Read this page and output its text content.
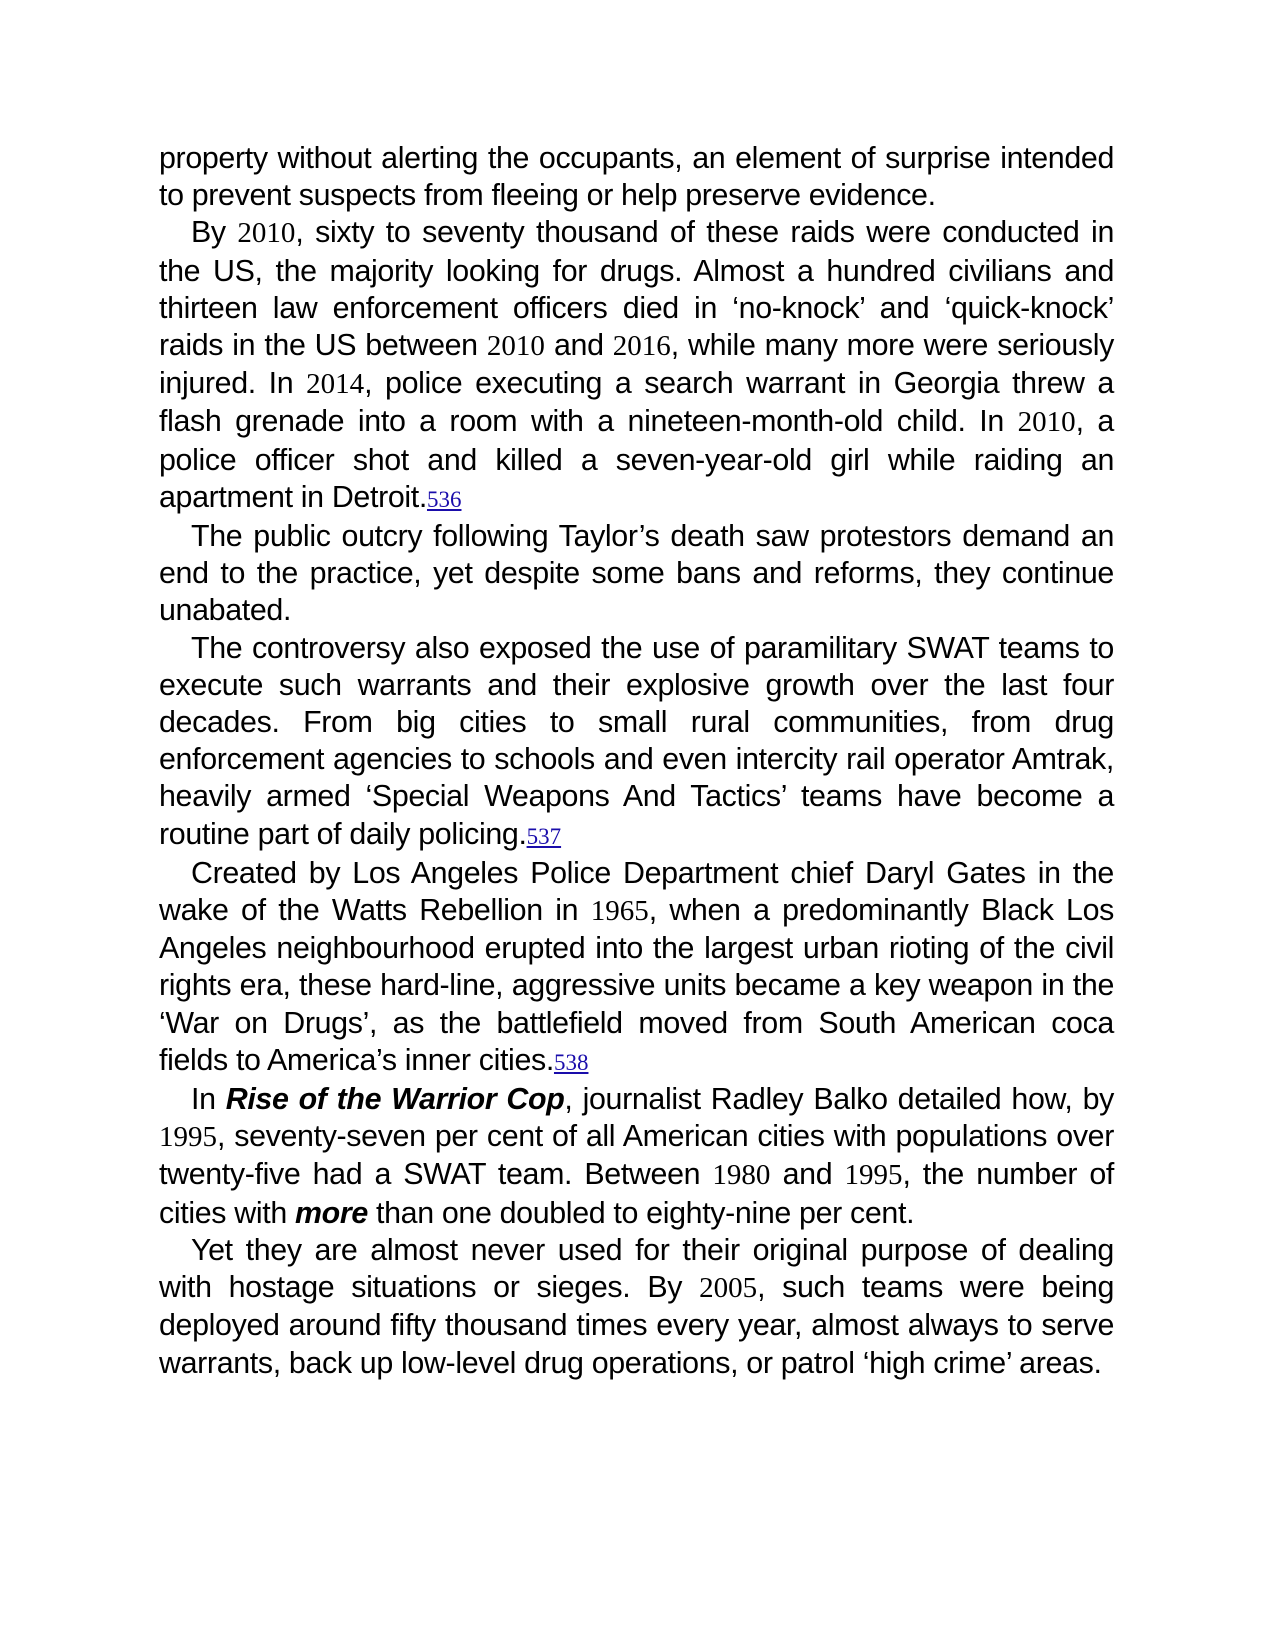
property without alerting the occupants, an element of surprise intended to prevent suspects from fleeing or help preserve evidence.

By 2010, sixty to seventy thousand of these raids were conducted in the US, the majority looking for drugs. Almost a hundred civilians and thirteen law enforcement officers died in ‘no-knock’ and ‘quick-knock’ raids in the US between 2010 and 2016, while many more were seriously injured. In 2014, police executing a search warrant in Georgia threw a flash grenade into a room with a nineteen-month-old child. In 2010, a police officer shot and killed a seven-year-old girl while raiding an apartment in Detroit.536

The public outcry following Taylor’s death saw protestors demand an end to the practice, yet despite some bans and reforms, they continue unabated.

The controversy also exposed the use of paramilitary SWAT teams to execute such warrants and their explosive growth over the last four decades. From big cities to small rural communities, from drug enforcement agencies to schools and even intercity rail operator Amtrak, heavily armed ‘Special Weapons And Tactics’ teams have become a routine part of daily policing.537

Created by Los Angeles Police Department chief Daryl Gates in the wake of the Watts Rebellion in 1965, when a predominantly Black Los Angeles neighbourhood erupted into the largest urban rioting of the civil rights era, these hard-line, aggressive units became a key weapon in the ‘War on Drugs’, as the battlefield moved from South American coca fields to America’s inner cities.538

In Rise of the Warrior Cop, journalist Radley Balko detailed how, by 1995, seventy-seven per cent of all American cities with populations over twenty-five had a SWAT team. Between 1980 and 1995, the number of cities with more than one doubled to eighty-nine per cent.

Yet they are almost never used for their original purpose of dealing with hostage situations or sieges. By 2005, such teams were being deployed around fifty thousand times every year, almost always to serve warrants, back up low-level drug operations, or patrol ‘high crime’ areas.
